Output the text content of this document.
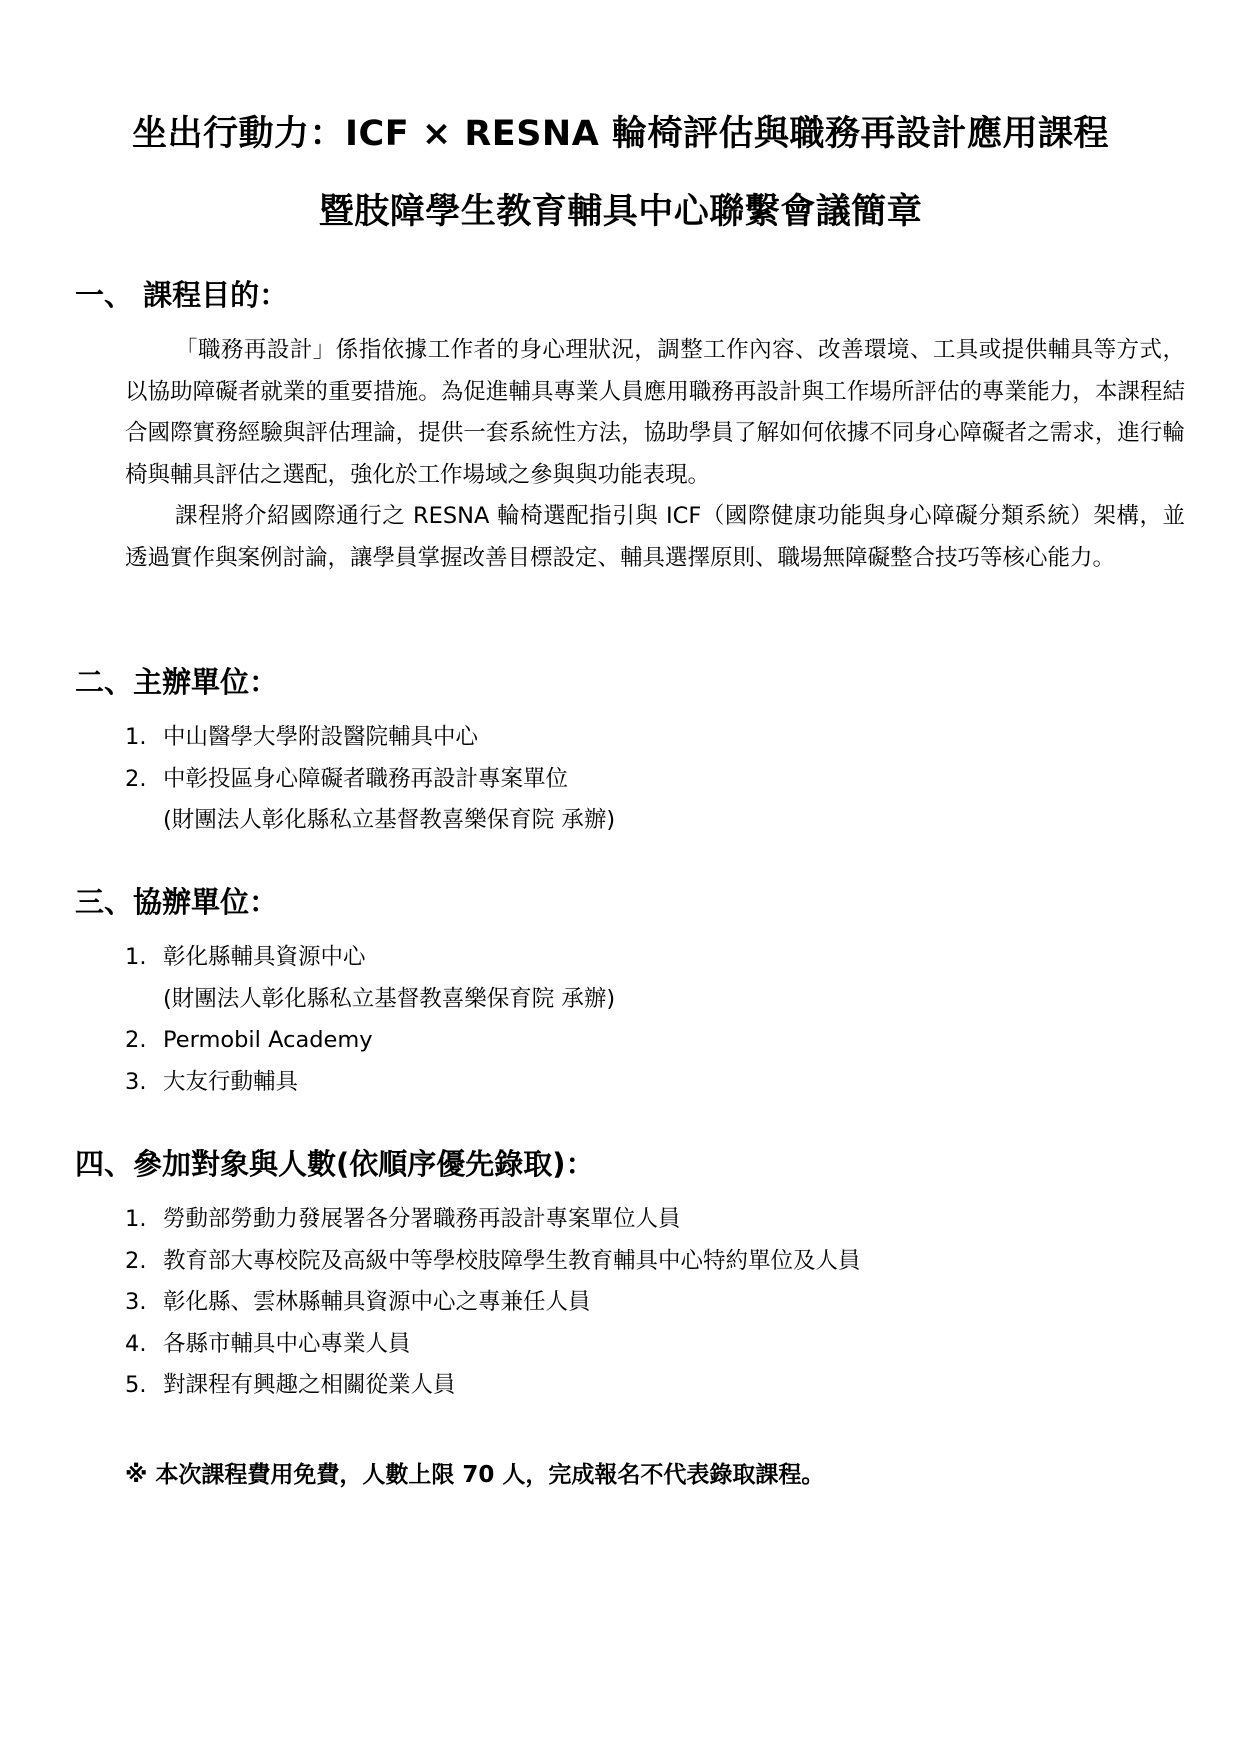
坐出行動力：ICF × RESNA 輪椅評估與職務再設計應用課程
暨肢障學生教育輔具中心聯繫會議簡章
一、 課程目的：

「職務再設計」係指依據工作者的身心理狀況，調整工作內容、改善環境、工具或提供輔具等方式，以協助障礙者就業的重要措施。為促進輔具專業人員應用職務再設計與工作場所評估的專業能力，本課程結合國際實務經驗與評估理論，提供一套系統性方法，協助學員了解如何依據不同身心障礙者之需求，進行輪椅與輔具評估之選配，強化於工作場域之參與與功能表現。

課程將介紹國際通行之 RESNA 輪椅選配指引與 ICF（國際健康功能與身心障礙分類系統）架構，並透過實作與案例討論，讓學員掌握改善目標設定、輔具選擇原則、職場無障礙整合技巧等核心能力。

二、主辦單位：
1. 中山醫學大學附設醫院輔具中心
2. 中彰投區身心障礙者職務再設計專案單位
(財團法人彰化縣私立基督教喜樂保育院 承辦)
三、協辦單位：
1. 彰化縣輔具資源中心
(財團法人彰化縣私立基督教喜樂保育院 承辦)
2. Permobil Academy
3. 大友行動輔具
四、參加對象與人數(依順序優先錄取)：
1. 勞動部勞動力發展署各分署職務再設計專案單位人員
2. 教育部大專校院及高級中等學校肢障學生教育輔具中心特約單位及人員
3. 彰化縣、雲林縣輔具資源中心之專兼任人員
4. 各縣市輔具中心專業人員
5. 對課程有興趣之相關從業人員
※ 本次課程費用免費，人數上限 70 人，完成報名不代表錄取課程。
